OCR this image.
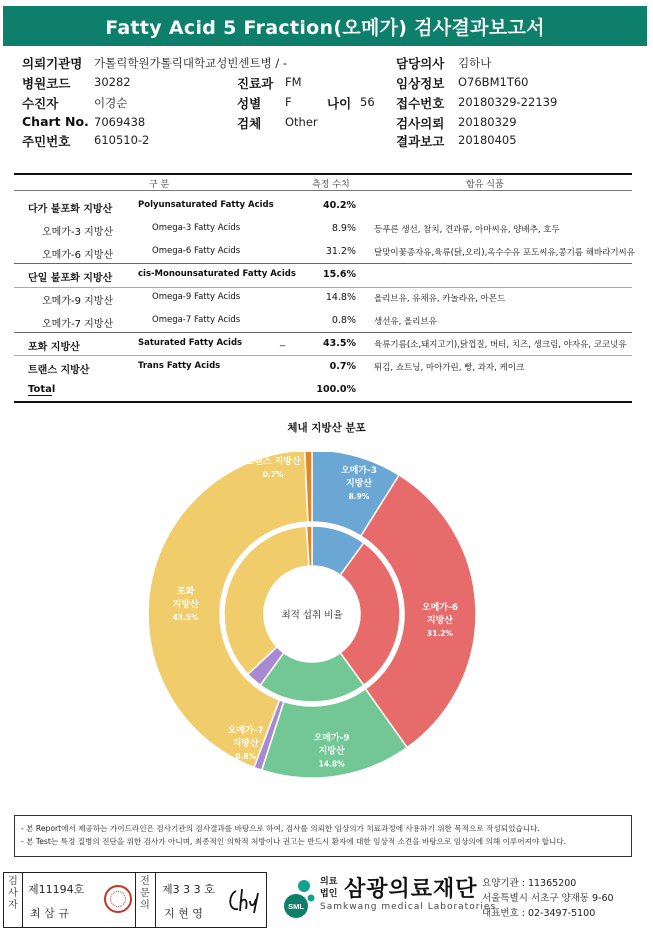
Fatty Acid 5 Fraction(오메가) 검사결과보고서
의뢰기관명 가톨릭학원가톨릭대학교성빈센트병 / -	담당의사 김하나
병원코드 30282	진료과 FM	임상정보 O76BM1T60
수진자	이경순	성별 F	나이 56 접수번호 20180329-22139
Chart No. 7069438	검체 Other	검사의뢰 20180329
주민번호 610510-2	결과보고 20180405
구 분	측정 수치	함유 식품
다가 불포화 지방산	Polyunsaturated Fatty Acids	40.2%
오메가-3 지방산	Omega-3 Fatty Acids	8.9% 등푸른 생선, 참치, 견과류, 아마씨유, 양배추, 호두
오메가-6 지방산	Omega-6 Fatty Acids	31.2% 달맞이꽃종자유,육류(닭,오리),옥수수유 포도씨유,콩기름 해바라기씨유
단일 불포화 지방산	cis-Monounsaturated Fatty Acids	15.6%
오메가-9 지방산	Omega-9 Fatty Acids	14.8% 올리브유, 유채유, 카놀라유, 아몬드
오메가-7 지방산	Omega-7 Fatty Acids	0.8% 생선유, 올리브유
포화 지방산	Saturated Fatty Acids	43.5% 육류기름(소,돼지고기),닭껍질, 버터, 치즈, 생크림, 야자유, 코코넛유
트랜스 지방산	Trans Fatty Acids	0.7% 튀김, 쇼트닝, 마아가린, 빵, 과자, 케이크
Total	100.0%
_
체내 지방산 분포
최적 섭취 비율
오메가-3
지방산
8.9%
오메가-6
지방산
31.2%
오메가-9
지방산
14.8%
오메가-7
지방산
0.8%
포화
지방산
43.5%
트랜스 지방산
0.7%
- 본 Report에서 제공하는 가이드라인은 검사기관의 검사결과를 바탕으로 하여, 검사를 의뢰한 임상의가 치료과정에 사용하기 위한 목적으로 작성되었습니다.
- 본 Test는 특정 질병의 진단을 위한 검사가 아니며, 최종적인 의학적 처방이나 권고는 반드시 환자에 대한 임상적 소견을 바탕으로 임상의에 의해 이루어져야 합니다.
검사자
제11194호
최 삼 규
전문의
제3 3 3 호
지 현 영
SML
의료
법인 삼광의료재단
Samkwang medical Laboratories
요양기관 : 11365200
서울특별시 서초구 양재동 9-60
대표번호 : 02-3497-5100
